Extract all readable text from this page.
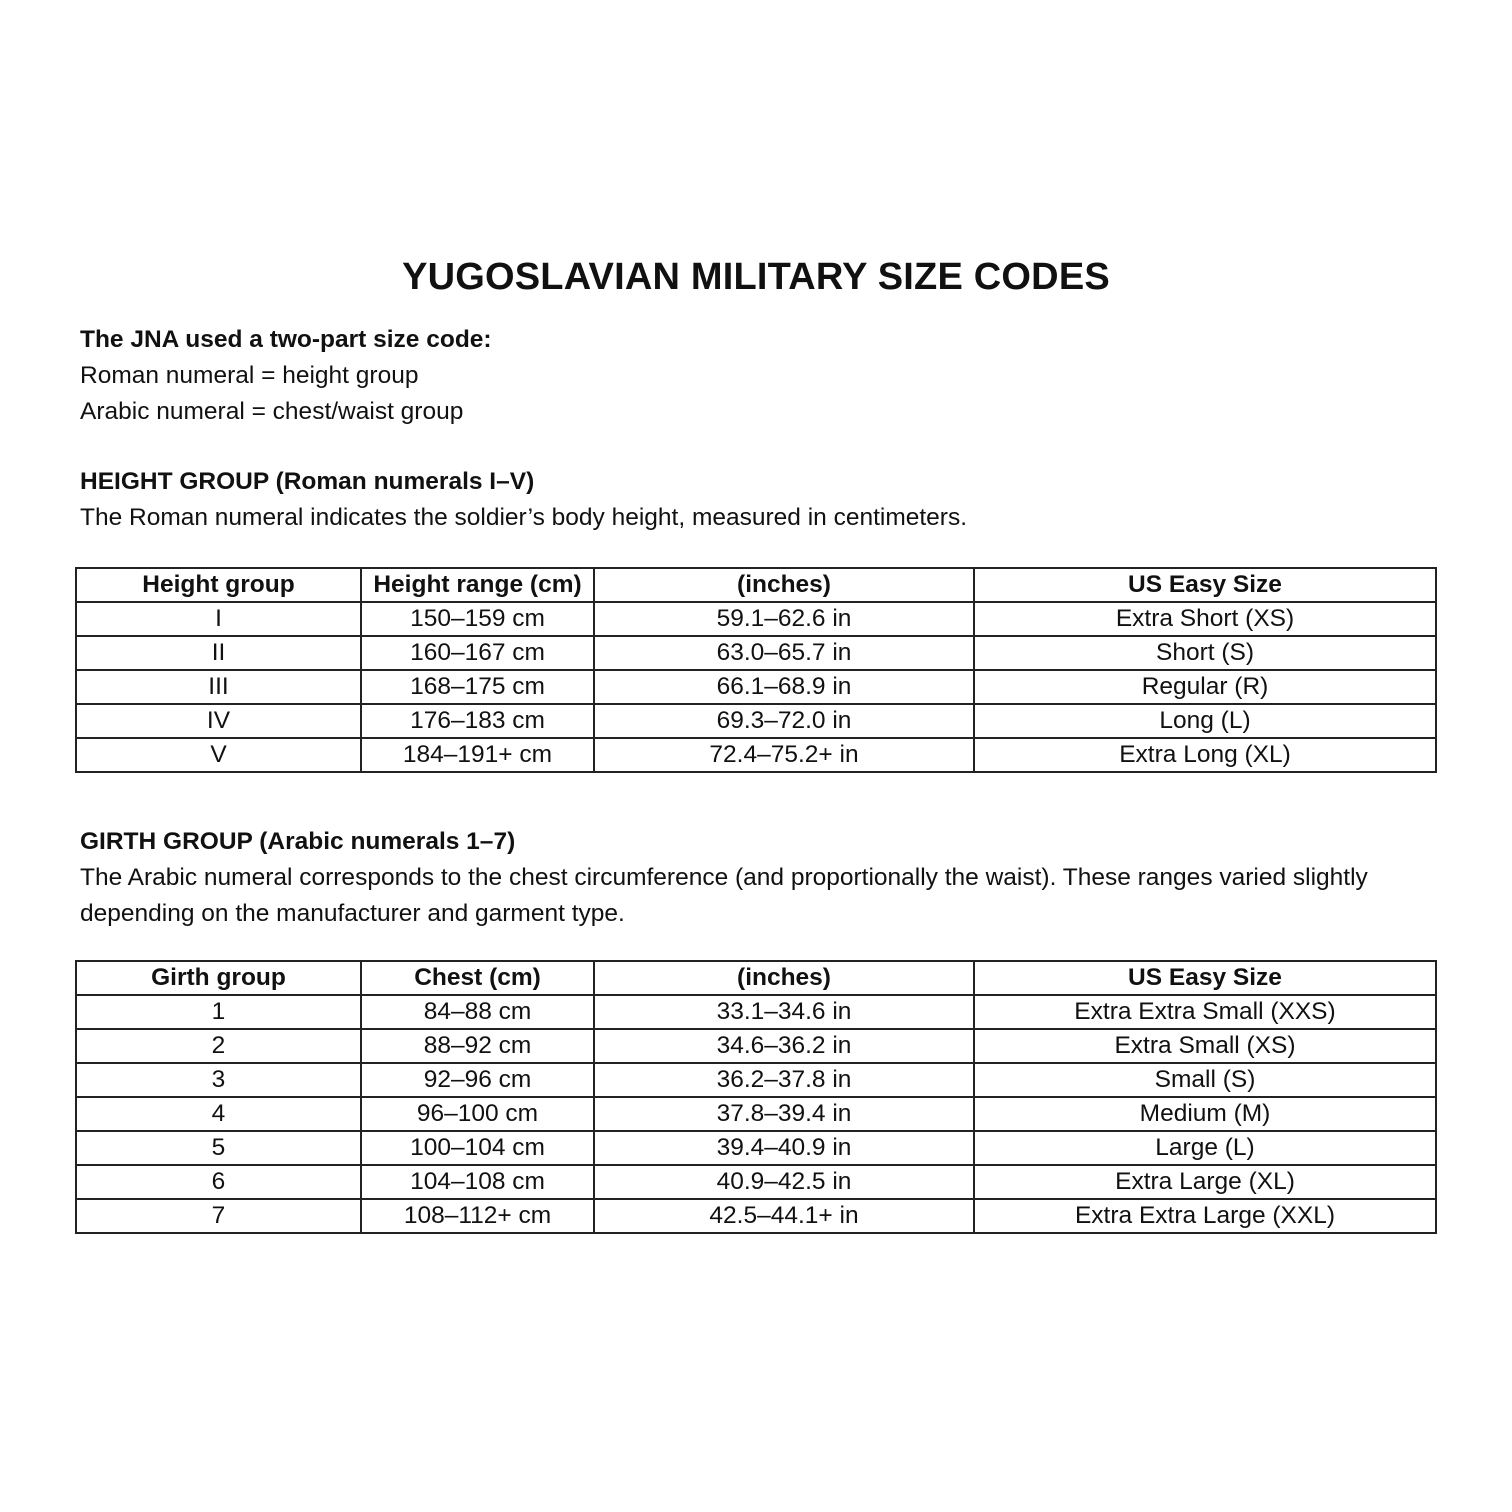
YUGOSLAVIAN MILITARY SIZE CODES
The JNA used a two-part size code:
Roman numeral = height group
Arabic numeral = chest/waist group
HEIGHT GROUP (Roman numerals I–V)
The Roman numeral indicates the soldier’s body height, measured in centimeters.
Height group	Height range (cm)	(inches)	US Easy Size
I	150–159 cm	59.1–62.6 in	Extra Short (XS)
II	160–167 cm	63.0–65.7 in	Short (S)
III	168–175 cm	66.1–68.9 in	Regular (R)
IV	176–183 cm	69.3–72.0 in	Long (L)
V	184–191+ cm	72.4–75.2+ in	Extra Long (XL)
GIRTH GROUP (Arabic numerals 1–7)
The Arabic numeral corresponds to the chest circumference (and proportionally the waist). These ranges varied slightly depending on the manufacturer and garment type.
Girth group	Chest (cm)	(inches)	US Easy Size
1	84–88 cm	33.1–34.6 in	Extra Extra Small (XXS)
2	88–92 cm	34.6–36.2 in	Extra Small (XS)
3	92–96 cm	36.2–37.8 in	Small (S)
4	96–100 cm	37.8–39.4 in	Medium (M)
5	100–104 cm	39.4–40.9 in	Large (L)
6	104–108 cm	40.9–42.5 in	Extra Large (XL)
7	108–112+ cm	42.5–44.1+ in	Extra Extra Large (XXL)
